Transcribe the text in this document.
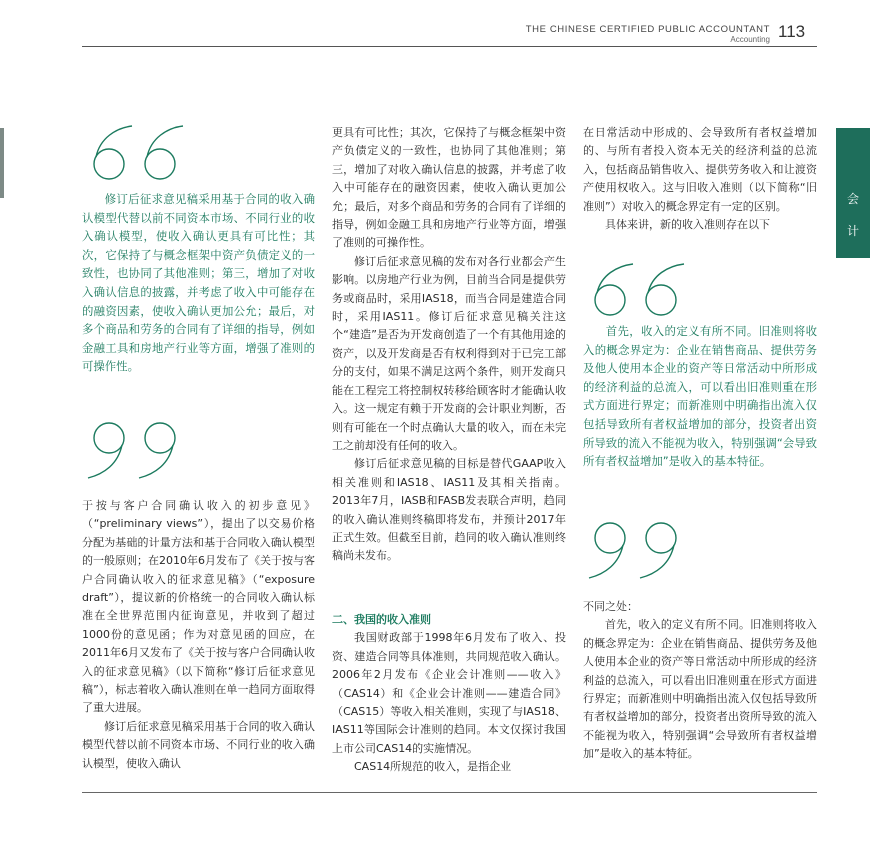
THE CHINESE CERTIFIED PUBLIC ACCOUNTANT
Accounting 113
会
计
修订后征求意见稿采用基于合同的收入确认模型代替以前不同资本市场、不同行业的收入确认模型，使收入确认更具有可比性；其次，它保持了与概念框架中资产负债定义的一致性，也协同了其他准则；第三，增加了对收入确认信息的披露，并考虑了收入中可能存在的融资因素，使收入确认更加公允；最后，对多个商品和劳务的合同有了详细的指导，例如金融工具和房地产行业等方面，增强了准则的可操作性。

于按与客户合同确认收入的初步意见》（“preliminary views”），提出了以交易价格分配为基础的计量方法和基于合同收入确认模型的一般原则；在2010年6月发布了《关于按与客户合同确认收入的征求意见稿》（“exposure draft”），提议新的价格统一的合同收入确认标准在全世界范围内征询意见，并收到了超过1000份的意见函；作为对意见函的回应，在2011年6月又发布了《关于按与客户合同确认收入的征求意见稿》（以下简称“修订后征求意见稿”），标志着收入确认准则在单一趋同方面取得了重大进展。

修订后征求意见稿采用基于合同的收入确认模型代替以前不同资本市场、不同行业的收入确认模型，使收入确认

更具有可比性；其次，它保持了与概念框架中资产负债定义的一致性，也协同了其他准则；第三，增加了对收入确认信息的披露，并考虑了收入中可能存在的融资因素，使收入确认更加公允；最后，对多个商品和劳务的合同有了详细的指导，例如金融工具和房地产行业等方面，增强了准则的可操作性。

修订后征求意见稿的发布对各行业都会产生影响。以房地产行业为例，目前当合同是提供劳务或商品时，采用IAS18，而当合同是建造合同时，采用IAS11。修订后征求意见稿关注这个“建造”是否为开发商创造了一个有其他用途的资产，以及开发商是否有权利得到对于已完工部分的支付，如果不满足这两个条件，则开发商只能在工程完工将控制权转移给顾客时才能确认收入。这一规定有赖于开发商的会计职业判断，否则有可能在一个时点确认大量的收入，而在未完工之前却没有任何的收入。

修订后征求意见稿的目标是替代GAAP收入相关准则和IAS18、IAS11及其相关指南。2013年7月，IASB和FASB发表联合声明，趋同的收入确认准则终稿即将发布，并预计2017年正式生效。但截至目前，趋同的收入确认准则终稿尚未发布。

二、我国的收入准则

我国财政部于1998年6月发布了收入、投资、建造合同等具体准则，共同规范收入确认。2006年2月发布《企业会计准则——收入》（CAS14）和《企业会计准则——建造合同》（CAS15）等收入相关准则，实现了与IAS18、IAS11等国际会计准则的趋同。本文仅探讨我国上市公司CAS14的实施情况。

CAS14所规范的收入，是指企业

在日常活动中形成的、会导致所有者权益增加的、与所有者投入资本无关的经济利益的总流入，包括商品销售收入、提供劳务收入和让渡资产使用权收入。这与旧收入准则（以下简称“旧准则”）对收入的概念界定有一定的区别。

具体来讲，新的收入准则存在以下

首先，收入的定义有所不同。旧准则将收入的概念界定为：企业在销售商品、提供劳务及他人使用本企业的资产等日常活动中所形成的经济利益的总流入，可以看出旧准则重在形式方面进行界定；而新准则中明确指出流入仅包括导致所有者权益增加的部分，投资者出资所导致的流入不能视为收入，特别强调“会导致所有者权益增加”是收入的基本特征。

不同之处：

首先，收入的定义有所不同。旧准则将收入的概念界定为：企业在销售商品、提供劳务及他人使用本企业的资产等日常活动中所形成的经济利益的总流入，可以看出旧准则重在形式方面进行界定；而新准则中明确指出流入仅包括导致所有者权益增加的部分，投资者出资所导致的流入不能视为收入，特别强调“会导致所有者权益增加”是收入的基本特征。
